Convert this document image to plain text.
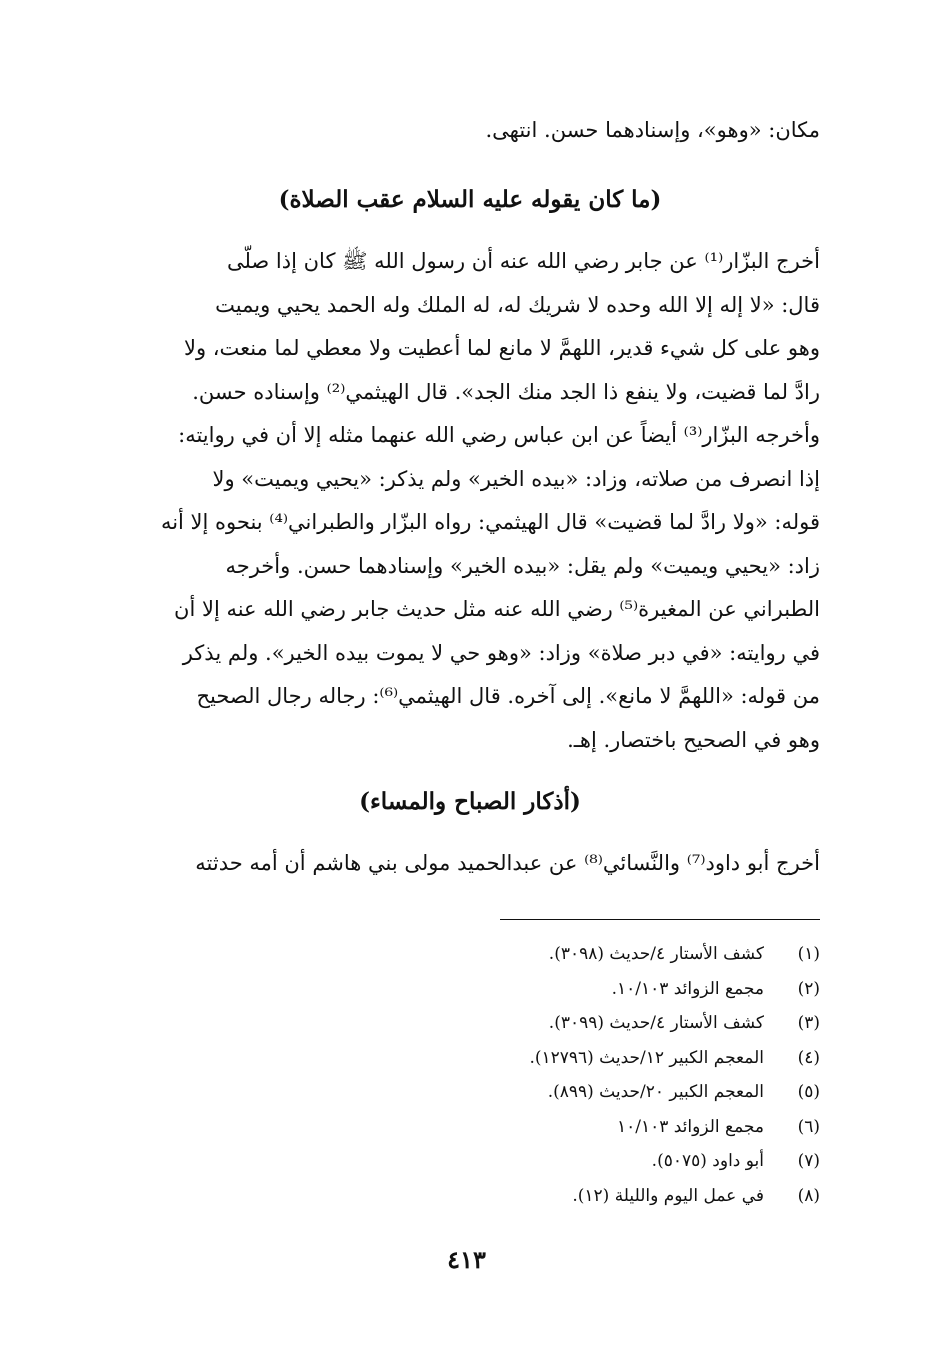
مكان: «وهو»، وإسنادهما حسن. انتهى.
(ما كان يقوله عليه السلام عقب الصلاة)

أخرج البزّار⁽¹⁾ عن جابر رضي الله عنه أن رسول الله ﷺ كان إذا صلّى

قال: «لا إله إلا الله وحده لا شريك له، له الملك وله الحمد يحيي ويميت

وهو على كل شيء قدير، اللهمَّ لا مانع لما أعطيت ولا معطي لما منعت، ولا

رادَّ لما قضيت، ولا ينفع ذا الجد منك الجد». قال الهيثمي⁽²⁾ وإسناده حسن.

وأخرجه البزّار⁽³⁾ أيضاً عن ابن عباس رضي الله عنهما مثله إلا أن في روايته:

إذا انصرف من صلاته، وزاد: «بيده الخير» ولم يذكر: «يحيي ويميت» ولا

قوله: «ولا رادَّ لما قضيت» قال الهيثمي: رواه البزّار والطبراني⁽⁴⁾ بنحوه إلا أنه

زاد: «يحيي ويميت» ولم يقل: «بيده الخير» وإسنادهما حسن. وأخرجه

الطبراني عن المغيرة⁽⁵⁾ رضي الله عنه مثل حديث جابر رضي الله عنه إلا أن

في روايته: «في دبر صلاة» وزاد: «وهو حي لا يموت بيده الخير». ولم يذكر

من قوله: «اللهمَّ لا مانع». إلى آخره. قال الهيثمي⁽⁶⁾: رجاله رجال الصحيح

وهو في الصحيح باختصار. إهـ.

(أذكار الصباح والمساء)

أخرج أبو داود⁽⁷⁾ والنَّسائي⁽⁸⁾ عن عبدالحميد مولى بني هاشم أن أمه حدثته

(١)
كشف الأستار ٤/حديث (٣٠٩٨).
(٢)
مجمع الزوائد ١٠/١٠٣.
(٣)
كشف الأستار ٤/حديث (٣٠٩٩).
(٤)
المعجم الكبير ١٢/حديث (١٢٧٩٦).
(٥)
المعجم الكبير ٢٠/حديث (٨٩٩).
(٦)
مجمع الزوائد ١٠/١٠٣
(٧)
أبو داود (٥٠٧٥).
(٨)
في عمل اليوم والليلة (١٢).
٤١٣
